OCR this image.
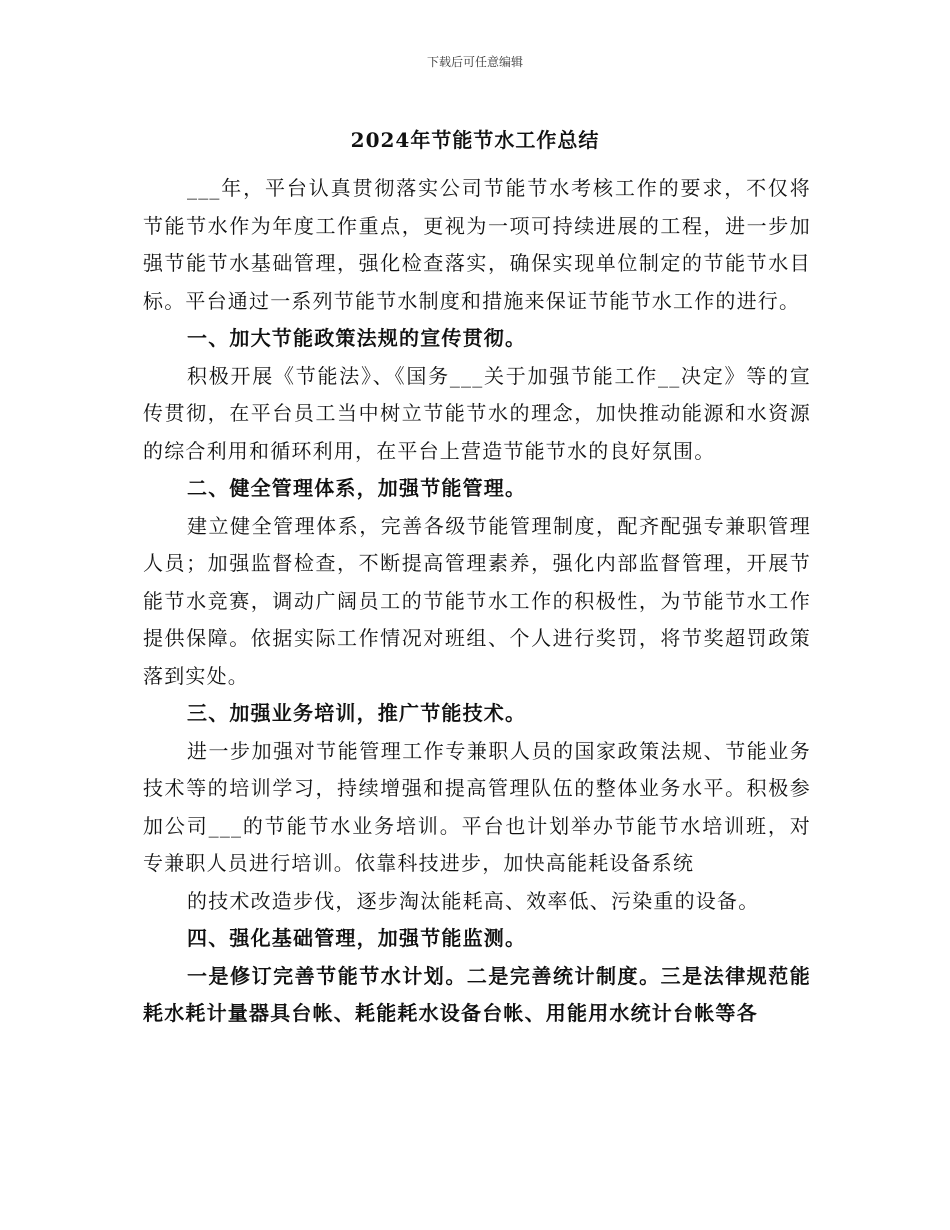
下载后可任意编辑
2024年节能节水工作总结

___年，平台认真贯彻落实公司节能节水考核工作的要求，不仅将节能节水作为年度工作重点，更视为一项可持续进展的工程，进一步加强节能节水基础管理，强化检查落实，确保实现单位制定的节能节水目标。平台通过一系列节能节水制度和措施来保证节能节水工作的进行。

一、加大节能政策法规的宣传贯彻。

积极开展《节能法》、《国务___关于加强节能工作__决定》等的宣传贯彻，在平台员工当中树立节能节水的理念，加快推动能源和水资源的综合利用和循环利用，在平台上营造节能节水的良好氛围。

二、健全管理体系，加强节能管理。

建立健全管理体系，完善各级节能管理制度，配齐配强专兼职管理人员；加强监督检查，不断提高管理素养，强化内部监督管理，开展节能节水竞赛，调动广阔员工的节能节水工作的积极性，为节能节水工作提供保障。依据实际工作情况对班组、个人进行奖罚，将节奖超罚政策落到实处。

三、加强业务培训，推广节能技术。

进一步加强对节能管理工作专兼职人员的国家政策法规、节能业务技术等的培训学习，持续增强和提高管理队伍的整体业务水平。积极参加公司___的节能节水业务培训。平台也计划举办节能节水培训班，对专兼职人员进行培训。依靠科技进步，加快高能耗设备系统

的技术改造步伐，逐步淘汰能耗高、效率低、污染重的设备。

四、强化基础管理，加强节能监测。

一是修订完善节能节水计划。二是完善统计制度。三是法律规范能耗水耗计量器具台帐、耗能耗水设备台帐、用能用水统计台帐等各
